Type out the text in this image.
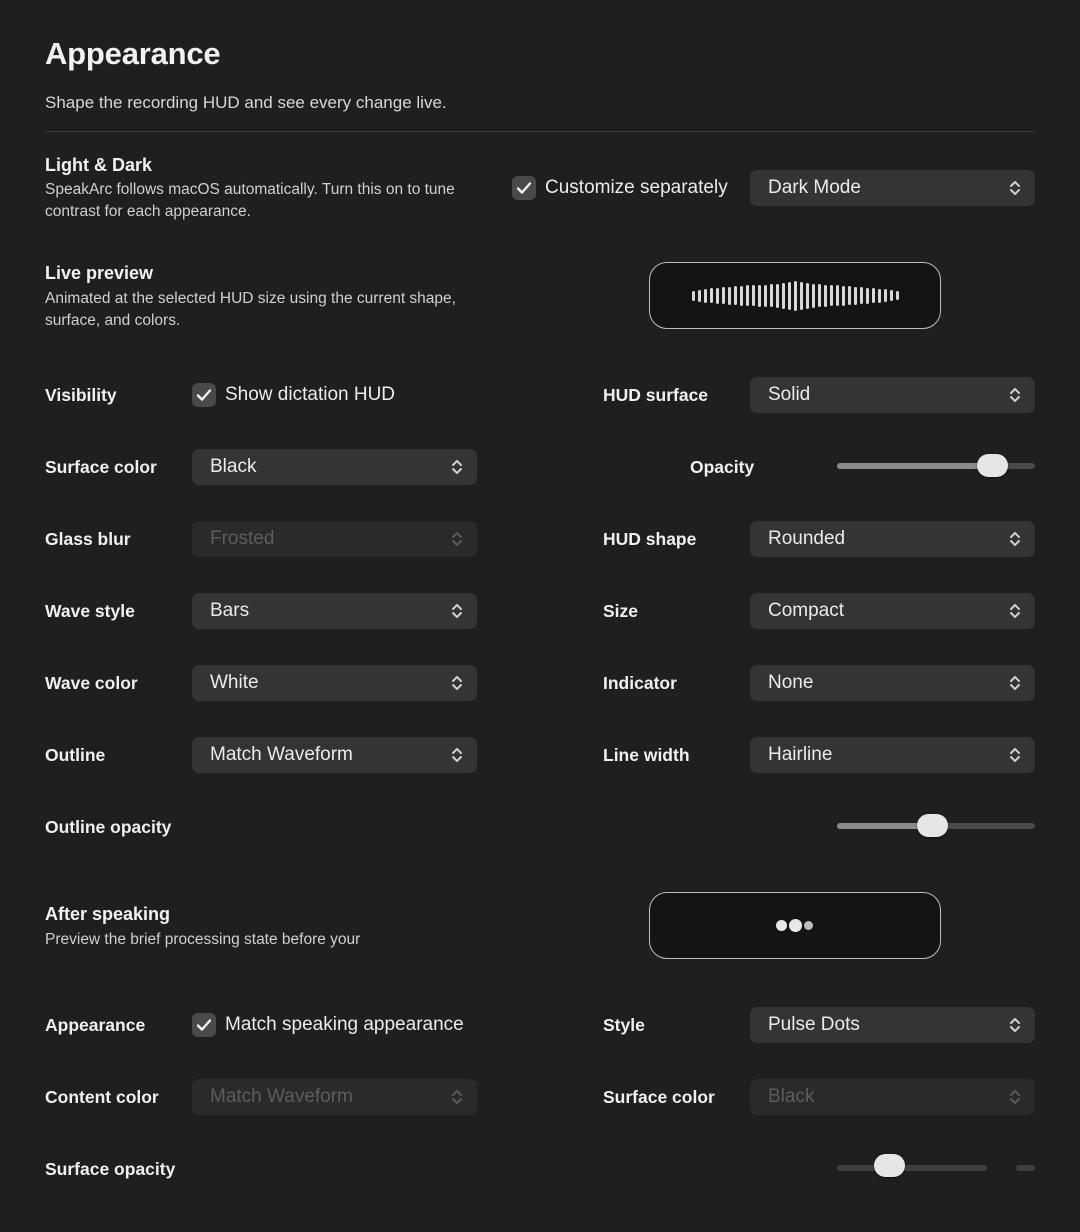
Appearance
Shape the recording HUD and see every change live.
Light & Dark
SpeakArc follows macOS automatically. Turn this on to tune contrast for each appearance.
Customize separately	Dark Mode
Live preview
Animated at the selected HUD size using the current shape, surface, and colors.
Visibility	Show dictation HUD	HUD surface	Solid
Surface color	Black	Opacity
Glass blur	Frosted	HUD shape	Rounded
Wave style	Bars	Size	Compact
Wave color	White	Indicator	None
Outline	Match Waveform	Line width	Hairline
Outline opacity
After speaking
Preview the brief processing state before your
Appearance	Match speaking appearance	Style	Pulse Dots
Content color	Match Waveform	Surface color	Black
Surface opacity
